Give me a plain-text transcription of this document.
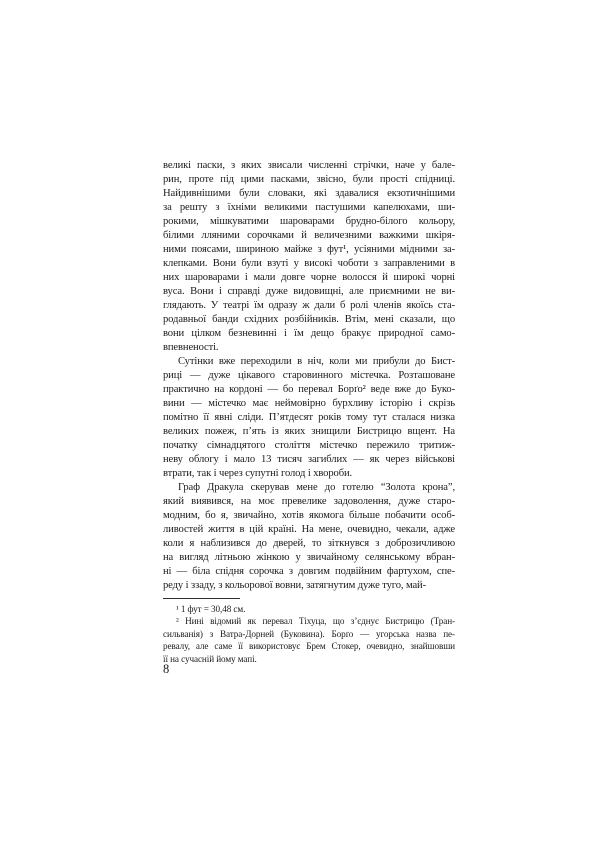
великі паски, з яких звисали численні стрічки, наче у бале-
рин, проте під цими пасками, звісно, були прості спідниці.
Найдивнішими були словаки, які здавалися екзотичнішими
за решту з їхніми великими пастушими капелюхами, ши-
рокими, мішкуватими шароварами брудно-білого кольору,
білими лляними сорочками й величезними важкими шкіря-
ними поясами, шириною майже з фут¹, усіяними мідними за-
клепками. Вони були взуті у високі чоботи з заправленими в
них шароварами і мали довге чорне волосся й широкі чорні
вуса. Вони і справді дуже видовищні, але приємними не ви-
глядають. У театрі їм одразу ж дали б ролі членів якоїсь ста-
родавньої банди східних розбійників. Втім, мені сказали, що
вони цілком безневинні і їм дещо бракує природної само-
впевненості.
Сутінки вже переходили в ніч, коли ми прибули до Бист-
риці — дуже цікавого старовинного містечка. Розташоване
практично на кордоні — бо перевал Борґо² веде вже до Буко-
вини — містечко має неймовірно бурхливу історію і скрізь
помітно її явні сліди. П’ятдесят років тому тут сталася низка
великих пожеж, п’ять із яких знищили Бистрицю вщент. На
початку сімнадцятого століття містечко пережило тритиж-
неву облогу і мало 13 тисяч загиблих — як через військові
втрати, так і через супутні голод і хвороби.
Граф Дракула скерував мене до готелю “Золота крона”,
який виявився, на моє превелике задоволення, дуже старо-
модним, бо я, звичайно, хотів якомога більше побачити особ-
ливостей життя в цій країні. На мене, очевидно, чекали, адже
коли я наблизився до дверей, то зіткнувся з доброзичливою
на вигляд літньою жінкою у звичайному селянському вбран-
ні — біла спідня сорочка з довгим подвійним фартухом, спе-
реду і ззаду, з кольорової вовни, затягнутим дуже туго, май-
¹ 1 фут = 30,48 см.
² Нині відомий як перевал Тіхуца, що з’єднує Бистрицю (Тран-
сильванія) з Ватра-Дорней (Буковина). Борґо — угорська назва пе-
ревалу, але саме її використовує Брем Стокер, очевидно, знайшовши
її на сучасній йому мапі.
8
